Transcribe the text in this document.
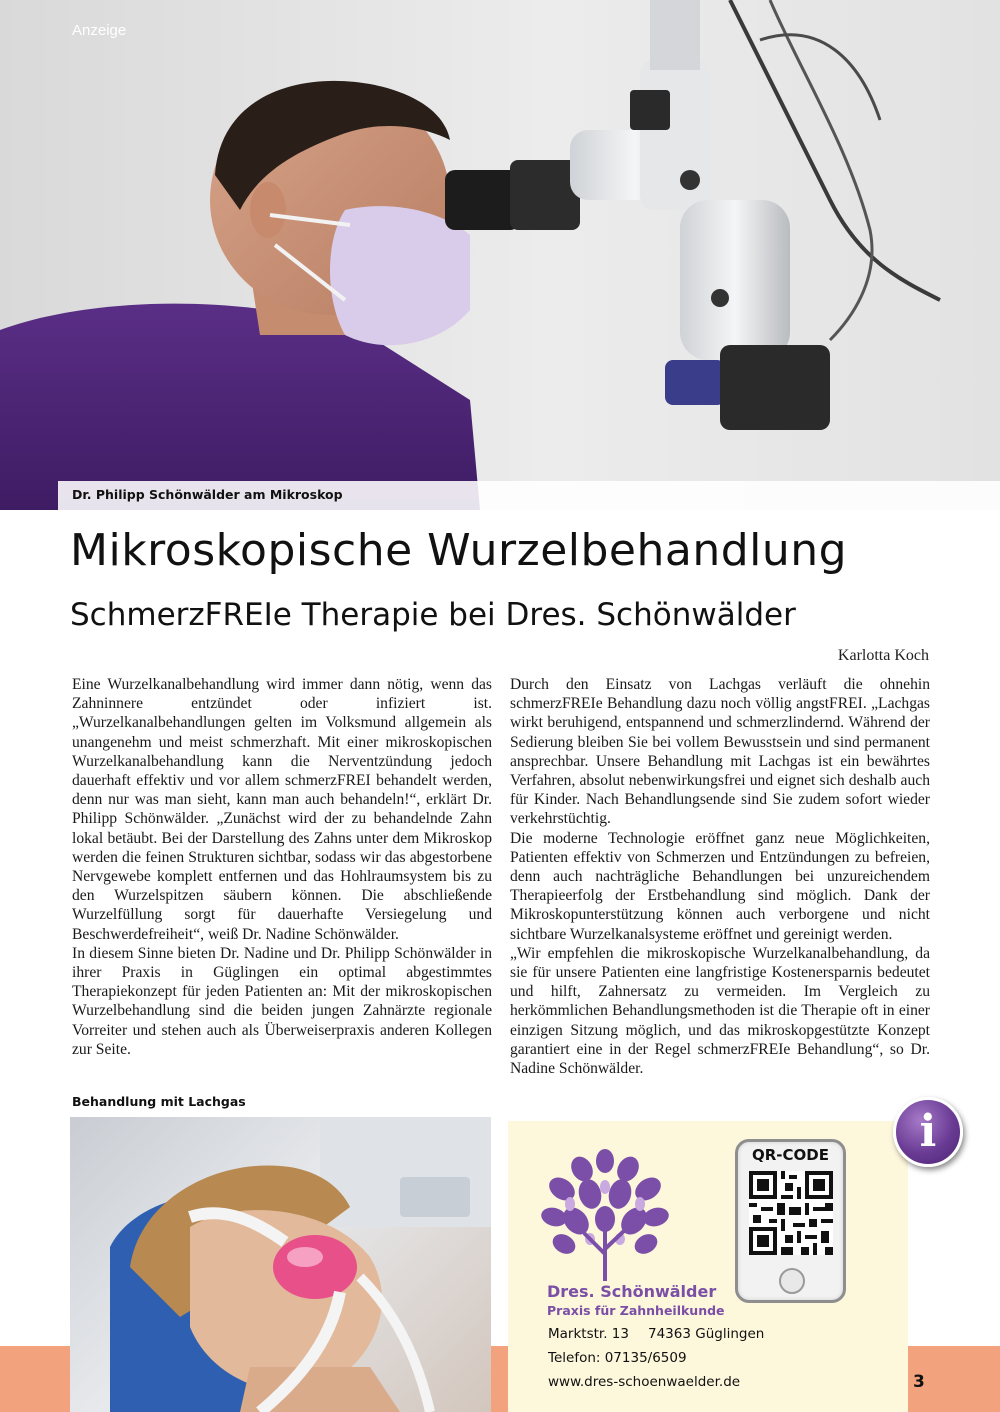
Anzeige
Dr. Philipp Schönwälder am Mikroskop
Mikroskopische Wurzelbehandlung
SchmerzFREIe Therapie bei Dres. Schönwälder
Karlotta Koch

Eine Wurzelkanalbehandlung wird immer dann nötig, wenn das Zahninnere entzündet oder infiziert ist. „Wurzelkanalbehandlungen gelten im Volksmund allgemein als unangenehm und meist schmerzhaft. Mit einer mikroskopischen Wurzelkanalbehandlung kann die Nerventzündung jedoch dauerhaft effektiv und vor allem schmerzFREI behandelt werden, denn nur was man sieht, kann man auch behandeln!“, erklärt Dr. Philipp Schönwälder. „Zunächst wird der zu behandelnde Zahn lokal betäubt. Bei der Darstellung des Zahns unter dem Mikroskop werden die feinen Strukturen sichtbar, sodass wir das abgestorbene Nervgewebe komplett entfernen und das Hohlraumsystem bis zu den Wurzelspitzen säubern können. Die abschließende Wurzelfüllung sorgt für dauerhafte Versiegelung und Beschwerdefreiheit“, weiß Dr. Nadine Schönwälder.

In diesem Sinne bieten Dr. Nadine und Dr. Philipp Schönwälder in ihrer Praxis in Güglingen ein optimal abgestimmtes Therapiekonzept für jeden Patienten an: Mit der mikroskopischen Wurzelbehandlung sind die beiden jungen Zahnärzte regionale Vorreiter und stehen auch als Überweiserpraxis anderen Kollegen zur Seite.

Durch den Einsatz von Lachgas verläuft die ohnehin schmerzFREIe Behandlung dazu noch völlig angstFREI. „Lachgas wirkt beruhigend, entspannend und schmerzlindernd. Während der Sedierung bleiben Sie bei vollem Bewusstsein und sind permanent ansprechbar. Unsere Behandlung mit Lachgas ist ein bewährtes Verfahren, absolut nebenwirkungsfrei und eignet sich deshalb auch für Kinder. Nach Behandlungsende sind Sie zudem sofort wieder verkehrstüchtig.

Die moderne Technologie eröffnet ganz neue Möglichkeiten, Patienten effektiv von Schmerzen und Entzündungen zu befreien, denn auch nachträgliche Behandlungen bei unzureichendem Therapieerfolg der Erstbehandlung sind möglich. Dank der Mikroskopunterstützung können auch verborgene und nicht sichtbare Wurzelkanalsysteme eröffnet und gereinigt werden.

„Wir empfehlen die mikroskopische Wurzelkanalbehandlung, da sie für unsere Patienten eine langfristige Kostenersparnis bedeutet und hilft, Zahnersatz zu vermeiden. Im Vergleich zu herkömmlichen Behandlungsmethoden ist die Therapie oft in einer einzigen Sitzung möglich, und das mikroskopgestützte Konzept garantiert eine in der Regel schmerzFREIe Behandlung“, so Dr. Nadine Schönwälder.

Behandlung mit Lachgas
QR-CODE	i
Dres. Schönwälder
Praxis für Zahnheilkunde
Marktstr. 13 74363 Güglingen
Telefon: 07135/6509
www.dres-schoenwaelder.de	3
